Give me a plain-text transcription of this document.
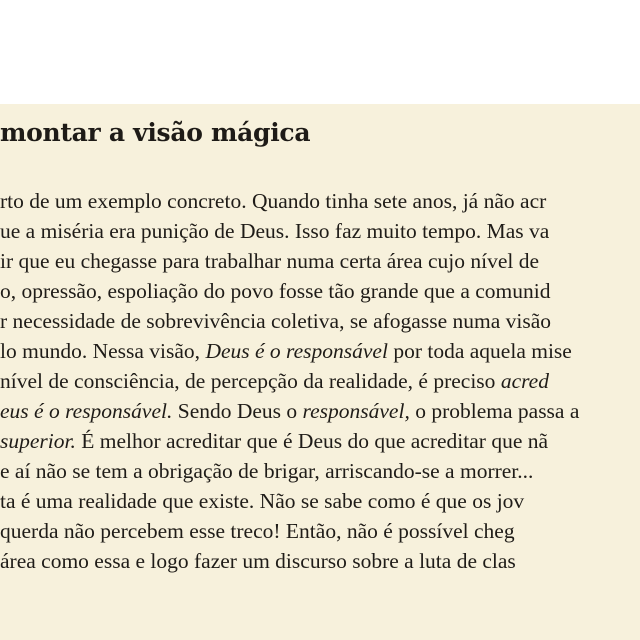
montar a visão mágica

rto de um exemplo concreto. Quando tinha sete anos, já não acr

ue a miséria era punição de Deus. Isso faz muito tempo. Mas va

ir que eu chegasse para trabalhar numa certa área cujo nível de

o, opressão, espoliação do povo fosse tão grande que a comunid

r necessidade de sobrevivência coletiva, se afogasse numa visão

lo mundo. Nessa visão, Deus é o responsável por toda aquela mise

nível de consciência, de percepção da realidade, é preciso acred

eus é o responsável. Sendo Deus o responsável, o problema passa a

superior. É melhor acreditar que é Deus do que acreditar que nã

e aí não se tem a obrigação de brigar, arriscando-se a morrer...

ta é uma realidade que existe. Não se sabe como é que os jov

querda não percebem esse treco! Então, não é possível cheg

área como essa e logo fazer um discurso sobre a luta de clas
